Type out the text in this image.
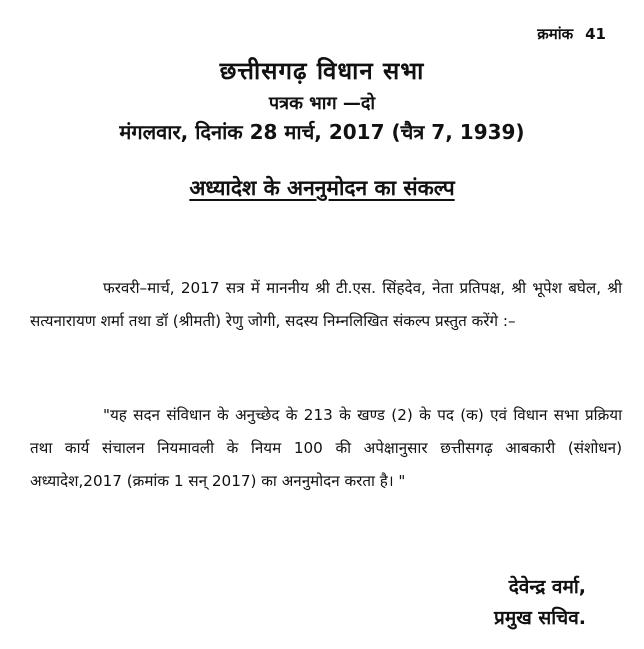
क्रमांक 41
छत्तीसगढ़ विधान सभा
पत्रक भाग —दो
मंगलवार, दिनांक 28 मार्च, 2017 (चैत्र 7, 1939)
अध्यादेश के अननुमोदन का संकल्प
फरवरी–मार्च, 2017 सत्र में माननीय श्री टी.एस. सिंहदेव, नेता प्रतिपक्ष, श्री भूपेश बघेल, श्री सत्यनारायण शर्मा तथा डॉ (श्रीमती) रेणु जोगी, सदस्य निम्नलिखित संकल्प प्रस्तुत करेंगे :–
"यह सदन संविधान के अनुच्छेद के 213 के खण्ड (2) के पद (क) एवं विधान सभा प्रक्रिया तथा कार्य संचालन नियमावली के नियम 100 की अपेक्षानुसार छत्तीसगढ़ आबकारी (संशोधन) अध्यादेश,2017 (क्रमांक 1 सन् 2017) का अननुमोदन करता है। "
देवेन्द्र वर्मा,
प्रमुख सचिव.
